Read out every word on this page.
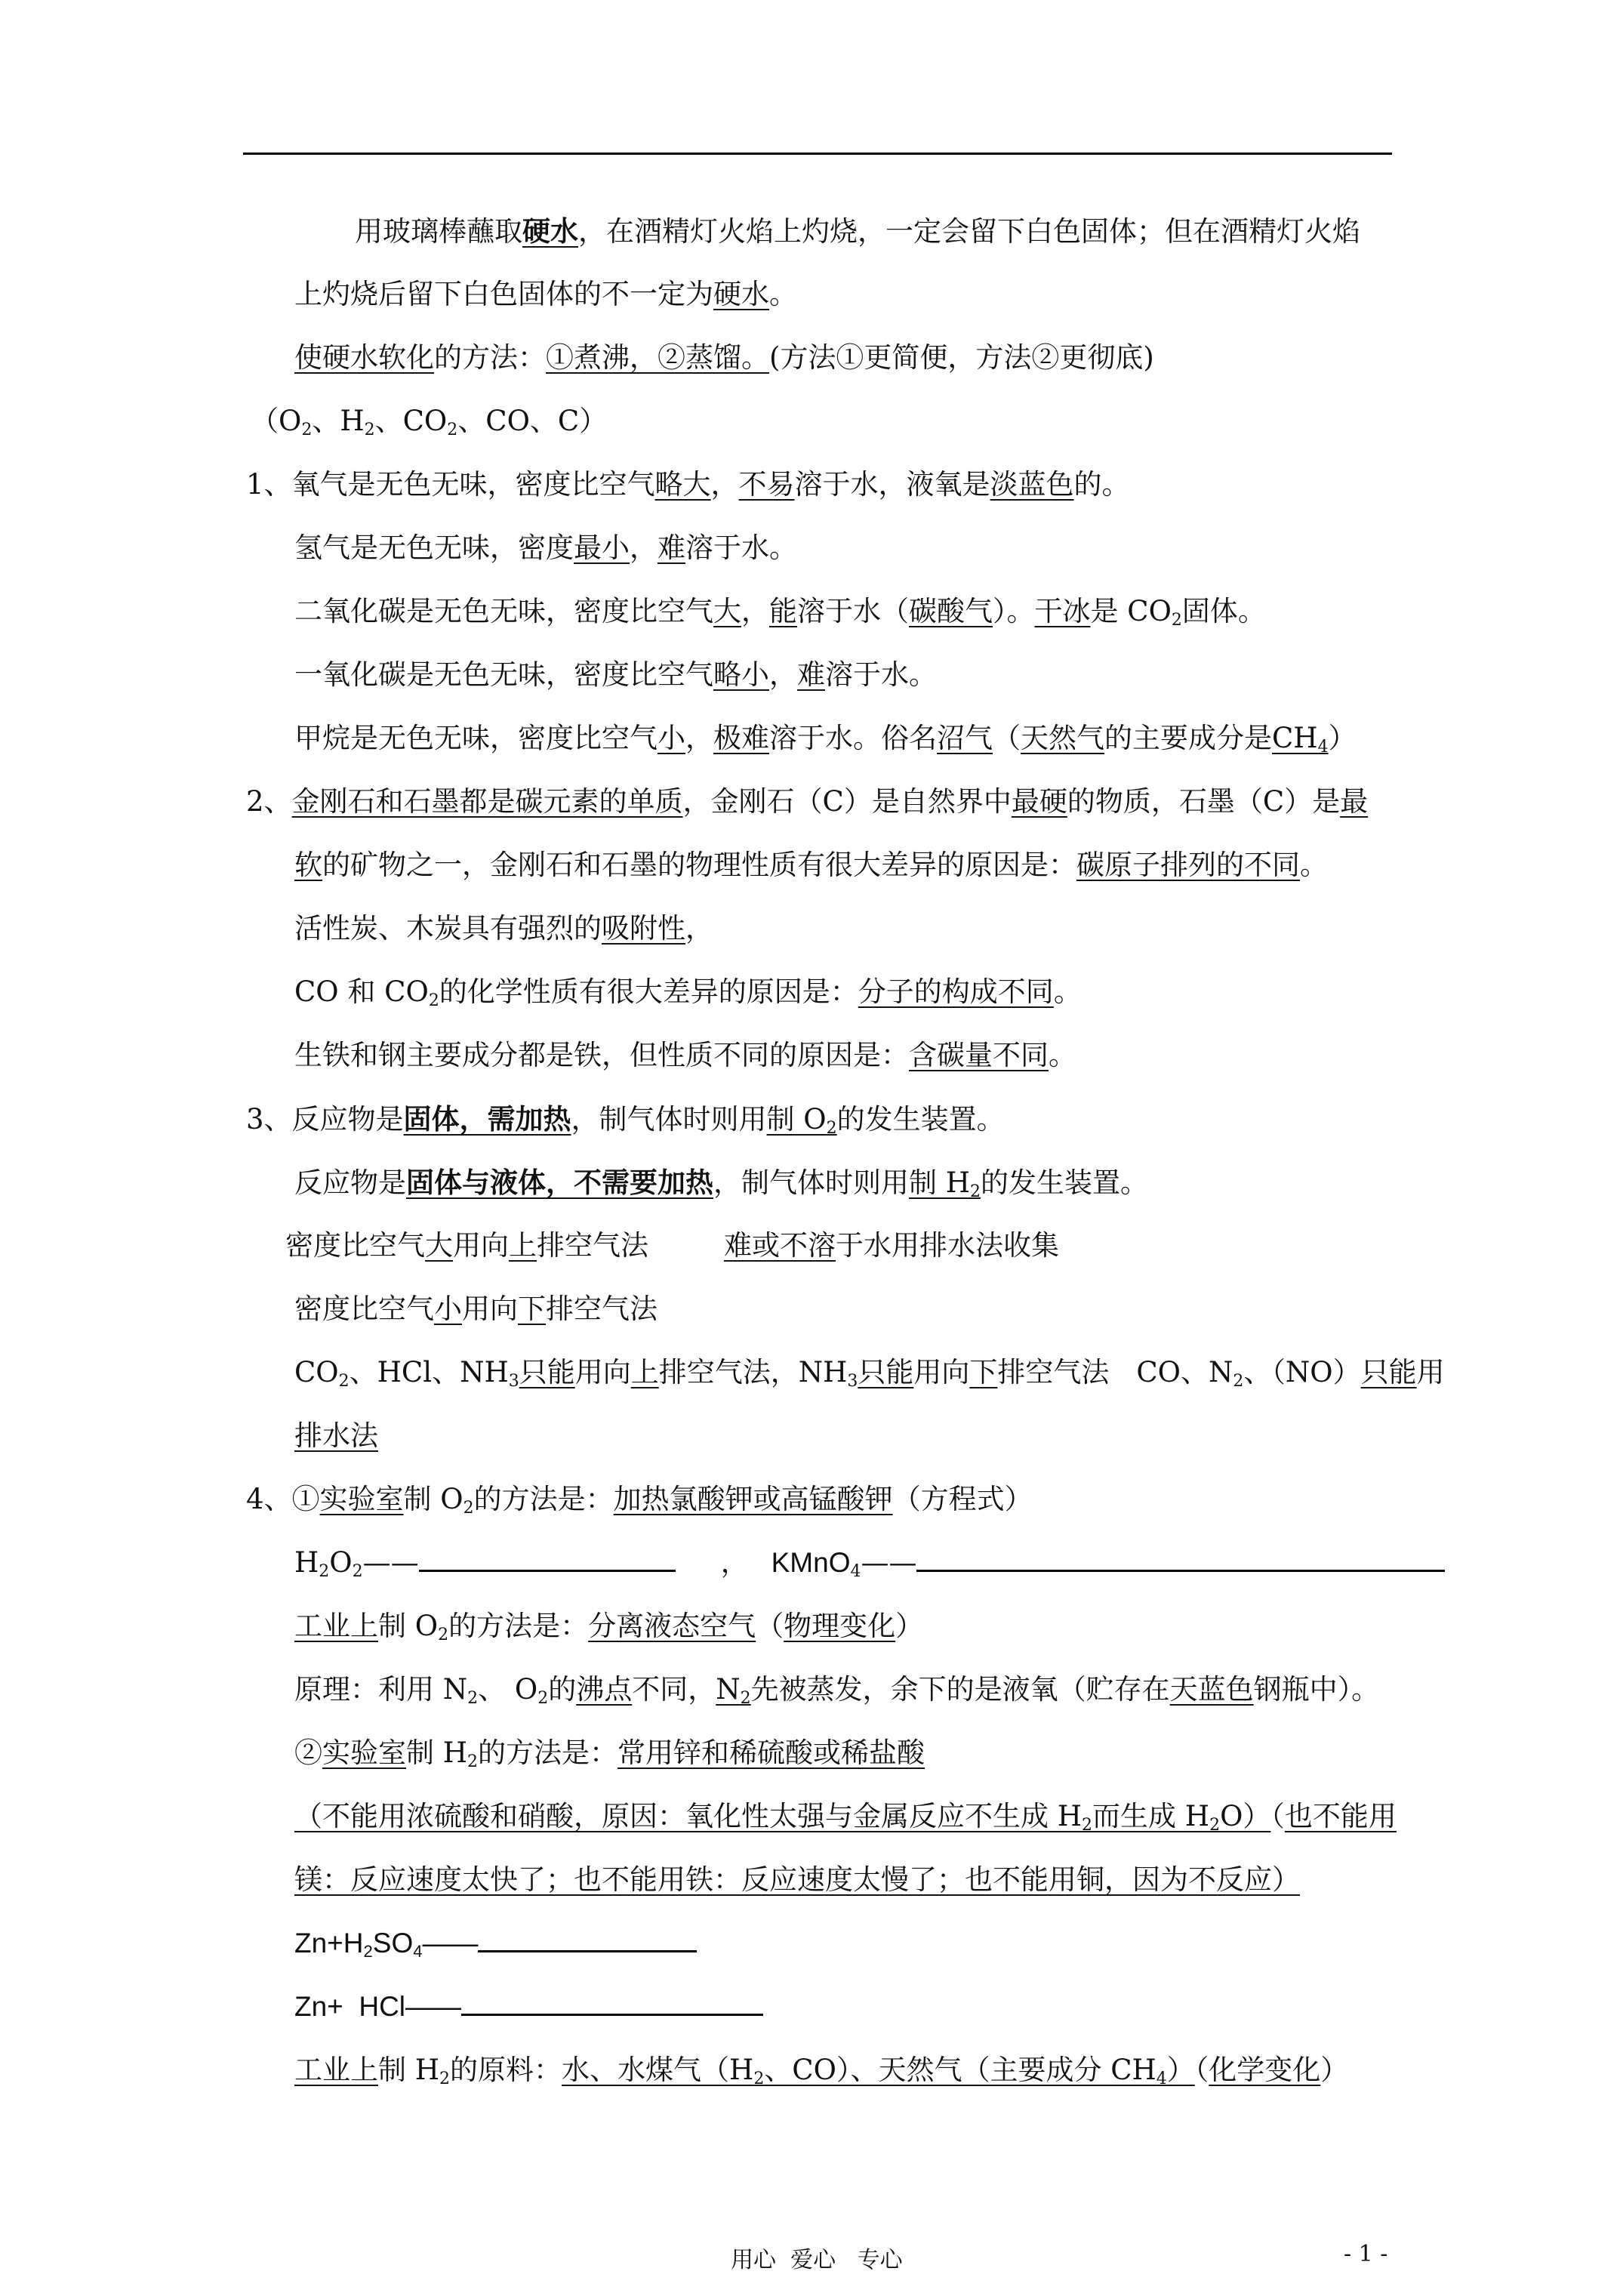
用玻璃棒蘸取硬水，在酒精灯火焰上灼烧，一定会留下白色固体；但在酒精灯火焰
上灼烧后留下白色固体的不一定为硬水。
使硬水软化的方法：①煮沸，②蒸馏。(方法①更简便，方法②更彻底)
（$O_2$、$H_2$、$CO_2$、CO、C）
1、氧气是无色无味，密度比空气略大，不易溶于水，液氧是淡蓝色的。
氢气是无色无味，密度最小，难溶于水。
二氧化碳是无色无味，密度比空气大，能溶于水（碳酸气）。干冰是 $CO_2$固体。
一氧化碳是无色无味，密度比空气略小，难溶于水。
甲烷是无色无味，密度比空气小，极难溶于水。俗名沼气（天然气的主要成分是$CH_4$）
2、金刚石和石墨都是碳元素的单质，金刚石（C）是自然界中最硬的物质，石墨（C）是最
软的矿物之一，金刚石和石墨的物理性质有很大差异的原因是：碳原子排列的不同。
活性炭、木炭具有强烈的吸附性，
CO 和 $CO_2$的化学性质有很大差异的原因是：分子的构成不同。
生铁和钢主要成分都是铁，但性质不同的原因是：含碳量不同。
3、反应物是固体，需加热，制气体时则用制 $O_2$的发生装置。
反应物是固体与液体，不需要加热，制气体时则用制 $H_2$的发生装置。
密度比空气大用向上排空气法	难或不溶于水用排水法收集
密度比空气小用向下排空气法
$CO_2$、HCl、$NH_3$只能用向上排空气法，$NH_3$只能用向下排空气法 CO、$N_2$、（NO）只能用
排水法
4、①实验室制 $O_2$的方法是：加热氯酸钾或高锰酸钾（方程式）
$H_2O_2——$	， KMnO$_4$——
工业上制 $O_2$的方法是：分离液态空气（物理变化）
原理：利用 $N_2$、 $O_2$的沸点不同，$N_2$先被蒸发，余下的是液氧（贮存在天蓝色钢瓶中）。
②实验室制 $H_2$的方法是：常用锌和稀硫酸或稀盐酸
（不能用浓硫酸和硝酸，原因：氧化性太强与金属反应不生成 $H_2$而生成 $H_2O$）（也不能用
镁：反应速度太快了；也不能用铁：反应速度太慢了；也不能用铜，因为不反应）
$Zn+H_2SO_4——$
Zn+  HCl——
工业上制 $H_2$的原料：水、水煤气（$H_2$、CO）、天然气（主要成分 $CH_4$）（化学变化）
用心  爱心   专心	- 1 -
